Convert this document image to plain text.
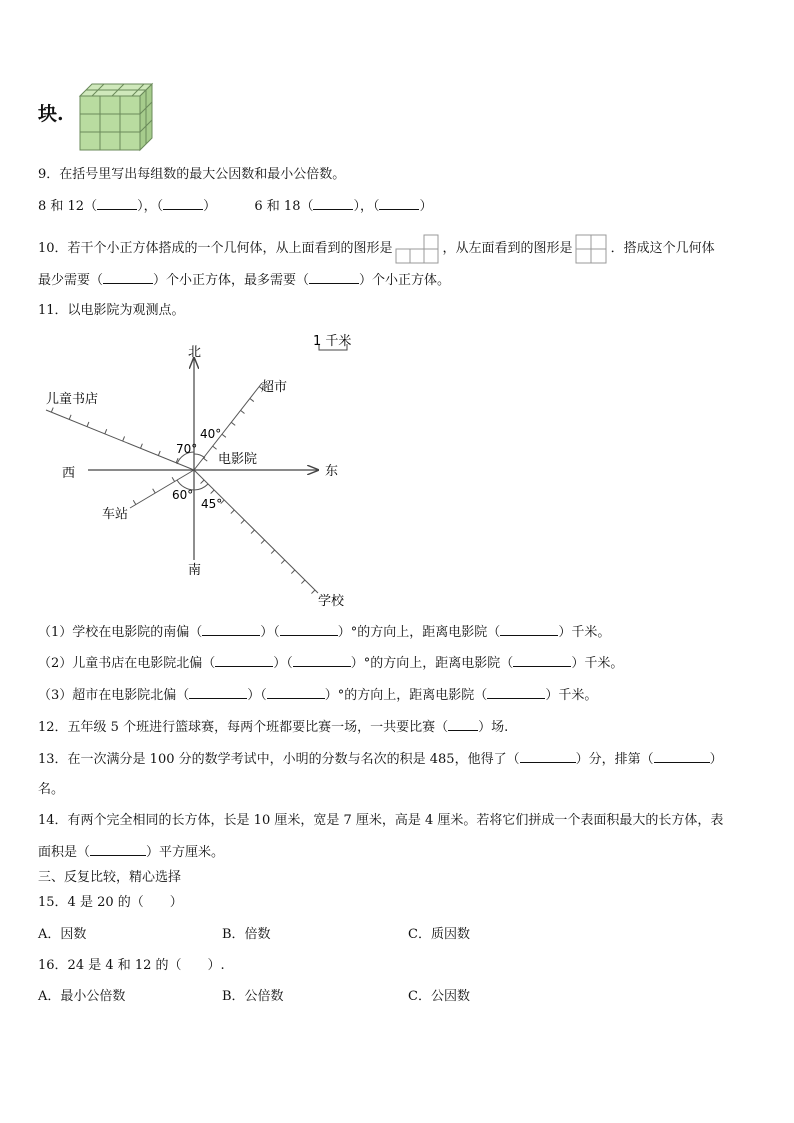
块.
9．在括号里写出每组数的最大公因数和最小公倍数。
8 和 12（	），（	）	6 和 18（	），（	）
10．若干个小正方体搭成的一个几何体，从上面看到的图形是	，从左面看到的图形是	．搭成这个几何体
最少需要（	）个小正方体，最多需要（	）个小正方体。
11．以电影院为观测点。
1 千米
北
南
东
西
电影院
儿童书店
超市
车站
学校
70°
40°
60°
45°
（1）学校在电影院的南偏（	）（	）°的方向上，距离电影院（	）千米。
（2）儿童书店在电影院北偏（	）（	）°的方向上，距离电影院（	）千米。
（3）超市在电影院北偏（	）（	）°的方向上，距离电影院（	）千米。
12．五年级 5 个班进行篮球赛，每两个班都要比赛一场，一共要比赛（ ）场.
13．在一次满分是 100 分的数学考试中，小明的分数与名次的积是 485，他得了（	）分，排第（	）
名。
14．有两个完全相同的长方体，长是 10 厘米，宽是 7 厘米，高是 4 厘米。若将它们拼成一个表面积最大的长方体，表
面积是（	）平方厘米。
三、反复比较，精心选择
15．4 是 20 的（　　）
A．因数	B．倍数	C．质因数
16．24 是 4 和 12 的（　　）.
A．最小公倍数	B．公倍数	C．公因数
